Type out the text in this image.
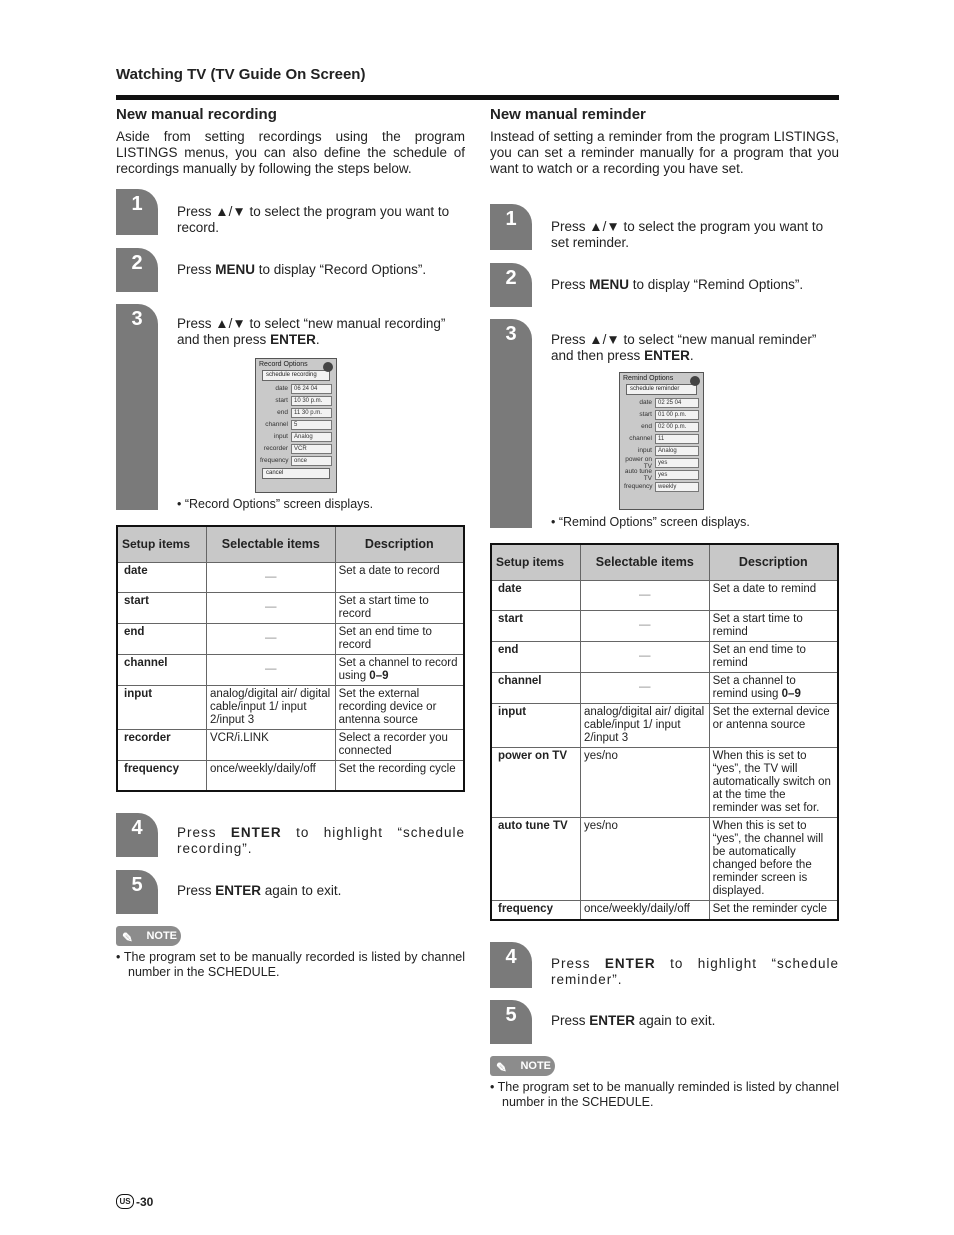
Watching TV (TV Guide On Screen)
New manual recording

Aside from setting recordings using the program LISTINGS menus, you can also define the schedule of recordings manually by following the steps below.

1	Press ▲/▼ to select the program you want to record.

2	Press MENU to display “Record Options”.

3	Press ▲/▼ to select “new manual recording” and then press ENTER.

Record Options
schedule recording
date	06 24 04
start	10 30 p.m.
end	11 30 p.m.
channel	5
input	Analog
recorder	VCR
frequency once
cancel

• “Record Options” screen displays.

Setup items	Selectable items	Description
date	—	Set a date to record
start	—	Set a start time to record
end	—	Set an end time to record
channel	—	Set a channel to record using 0–9
input	analog/digital air/ digital cable/input 1/ input 2/input 3	Set the external recording device or antenna source
recorder	VCR/i.LINK	Select a recorder you connected
frequency	once/weekly/daily/off	Set the recording cycle
4	Press ENTER to highlight “schedule recording”.

5	Press ENTER again to exit.

✎ NOTE

• The program set to be manually recorded is listed by channel number in the SCHEDULE.

New manual reminder

Instead of setting a reminder from the program LISTINGS, you can set a reminder manually for a program that you want to watch or a recording you have set.

1	Press ▲/▼ to select the program you want to set reminder.

2	Press MENU to display “Remind Options”.

3	Press ▲/▼ to select “new manual reminder” and then press ENTER.

Remind Options
schedule reminder
date	02 25 04
start	01 00 p.m.
end	02 00 p.m.
channel	11
input	Analog
power on TV	yes
auto tune TV	yes
frequency weekly

• “Remind Options” screen displays.

Setup items	Selectable items	Description
date	—	Set a date to remind
start	—	Set a start time to remind
end	—	Set an end time to remind
channel	—	Set a channel to remind using 0–9
input	analog/digital air/ digital cable/input 1/ input 2/input 3	Set the external device or antenna source
power on TV	yes/no	When this is set to “yes”, the TV will automatically switch on at the time the reminder was set for.
auto tune TV	yes/no	When this is set to “yes”, the channel will be automatically changed before the reminder screen is displayed.
frequency	once/weekly/daily/off	Set the reminder cycle
4	Press ENTER to highlight “schedule reminder”.

5	Press ENTER again to exit.

✎ NOTE

• The program set to be manually reminded is listed by channel number in the SCHEDULE.

US -30
